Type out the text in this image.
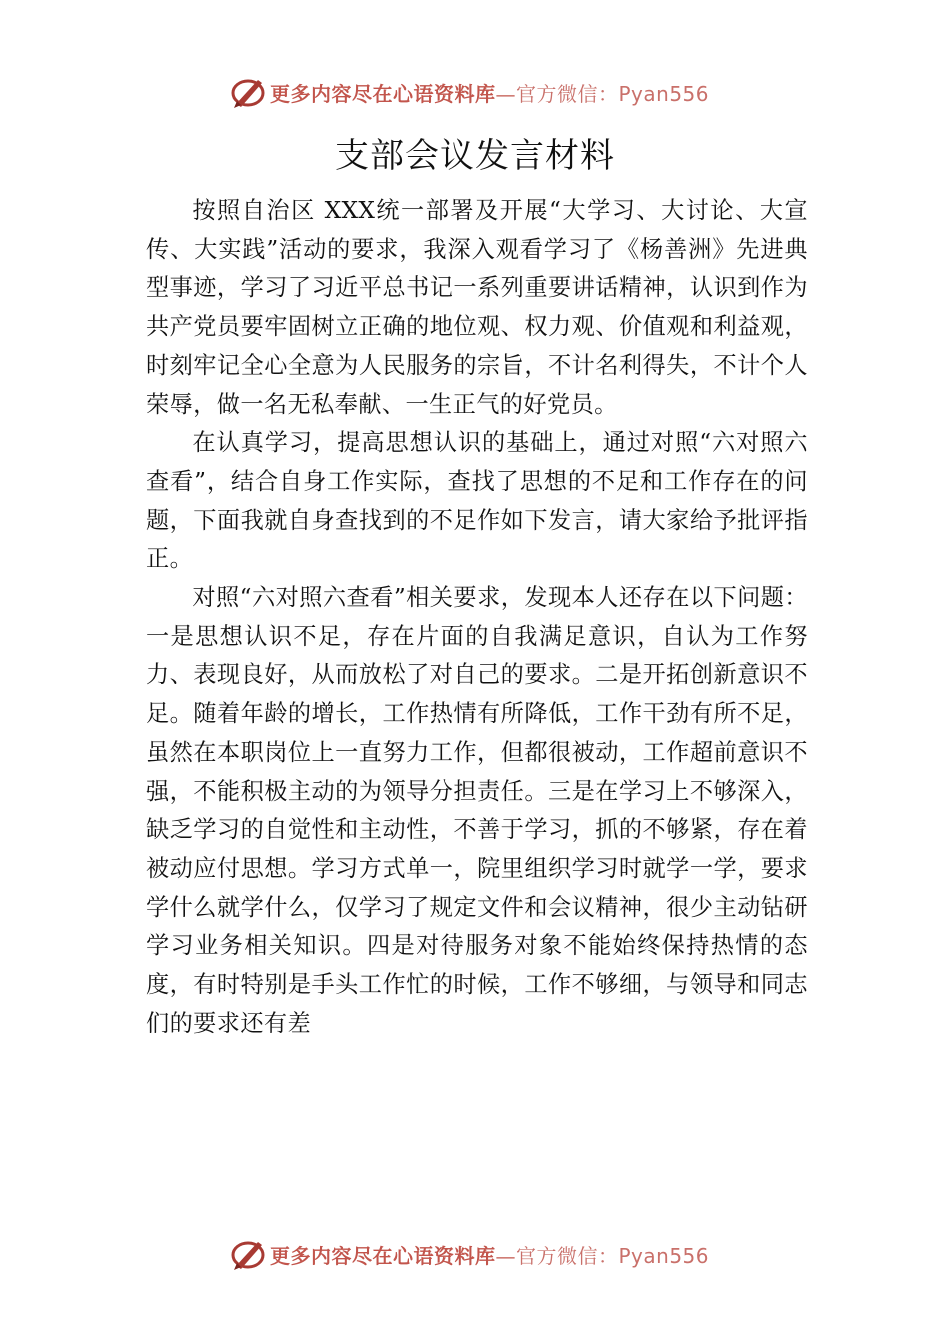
更多内容尽在心语资料库—官方微信：Pyan556
支部会议发言材料

按照自治区 XXX统一部署及开展“大学习、大讨论、大宣传、大实践”活动的要求，我深入观看学习了《杨善洲》先进典型事迹，学习了习近平总书记一系列重要讲话精神，认识到作为共产党员要牢固树立正确的地位观、权力观、价值观和利益观，时刻牢记全心全意为人民服务的宗旨，不计名利得失，不计个人荣辱，做一名无私奉献、一生正气的好党员。

在认真学习，提高思想认识的基础上，通过对照“六对照六查看”，结合自身工作实际，查找了思想的不足和工作存在的问题，下面我就自身查找到的不足作如下发言，请大家给予批评指正。

对照“六对照六查看”相关要求，发现本人还存在以下问题：一是思想认识不足，存在片面的自我满足意识，自认为工作努力、表现良好，从而放松了对自己的要求。二是开拓创新意识不足。随着年龄的增长，工作热情有所降低，工作干劲有所不足，虽然在本职岗位上一直努力工作，但都很被动，工作超前意识不强，不能积极主动的为领导分担责任。三是在学习上不够深入，缺乏学习的自觉性和主动性，不善于学习，抓的不够紧，存在着被动应付思想。学习方式单一，院里组织学习时就学一学，要求学什么就学什么，仅学习了规定文件和会议精神，很少主动钻研学习业务相关知识。四是对待服务对象不能始终保持热情的态度，有时特别是手头工作忙的时候，工作不够细，与领导和同志们的要求还有差

更多内容尽在心语资料库—官方微信：Pyan556
